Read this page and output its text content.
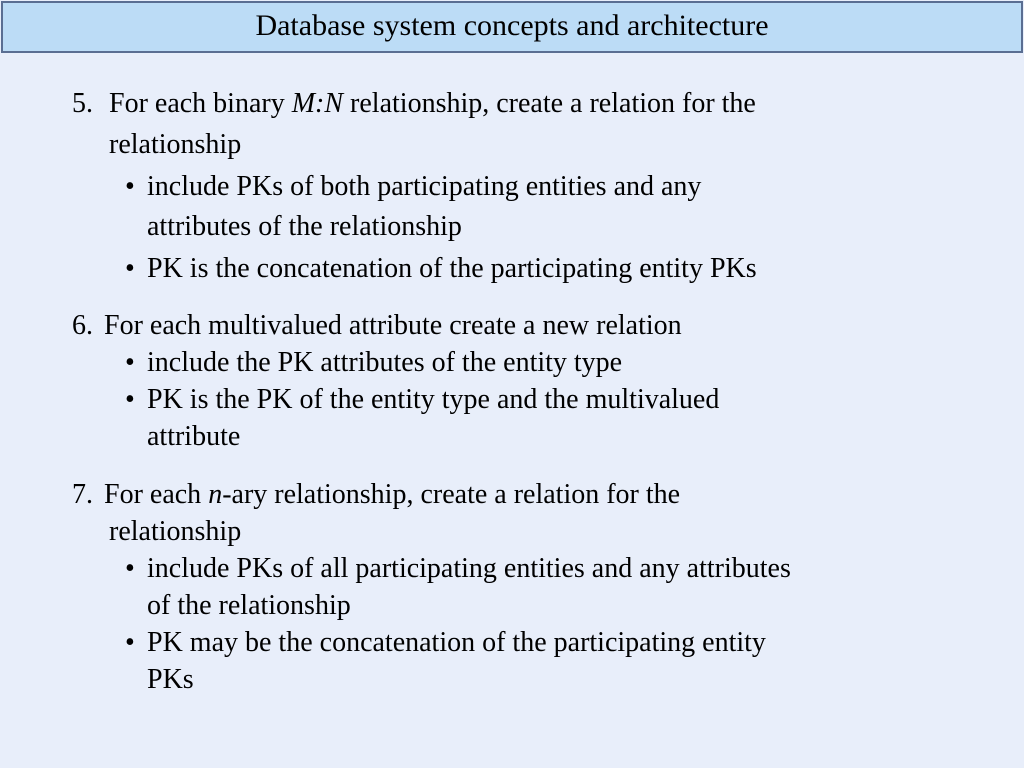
Database system concepts and architecture
5. For each binary M:N relationship, create a relation for the
relationship
• include PKs of both participating entities and any
attributes of the relationship
• PK is the concatenation of the participating entity PKs
6. For each multivalued attribute create a new relation
• include the PK attributes of the entity type
• PK is the PK of the entity type and the multivalued
attribute
7. For each n-ary relationship, create a relation for the
relationship
• include PKs of all participating entities and any attributes
of the relationship
• PK may be the concatenation of the participating entity
PKs
